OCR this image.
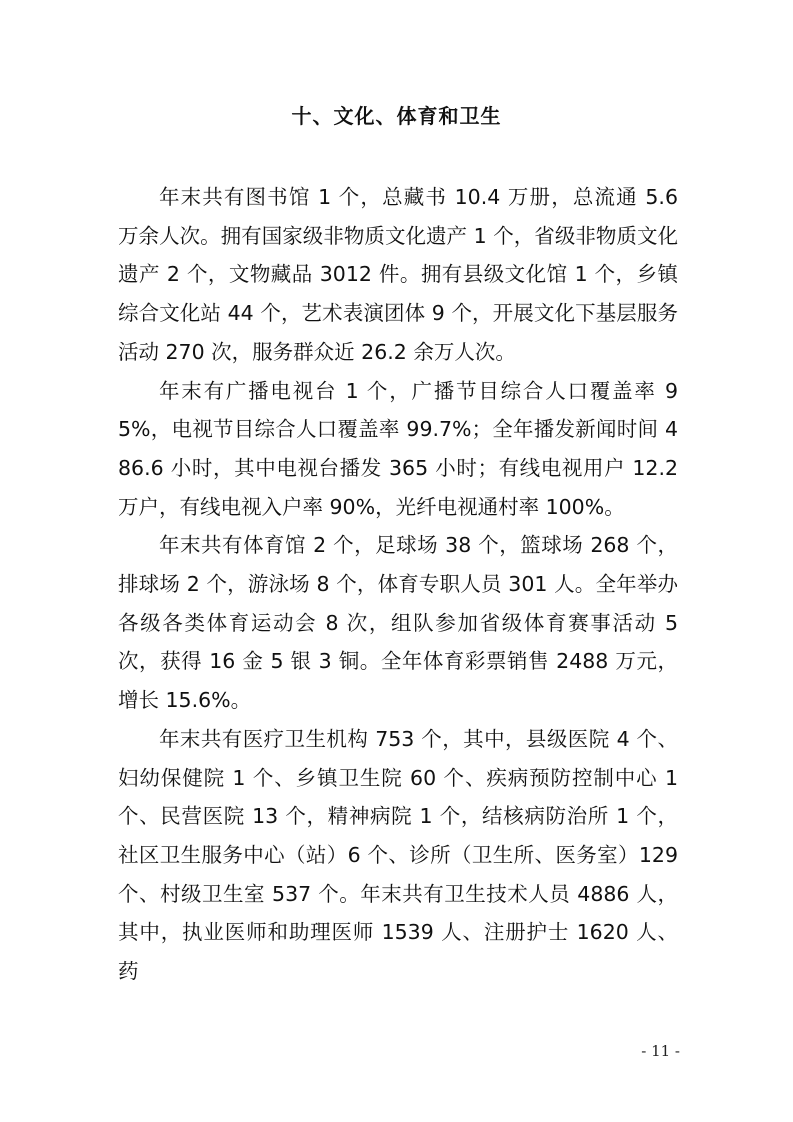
十、文化、体育和卫生

年末共有图书馆 1 个，总藏书 10.4 万册，总流通 5.6 万余人次。拥有国家级非物质文化遗产 1 个，省级非物质文化遗产 2 个，文物藏品 3012 件。拥有县级文化馆 1 个，乡镇综合文化站 44 个，艺术表演团体 9 个，开展文化下基层服务活动 270 次，服务群众近 26.2 余万人次。

年末有广播电视台 1 个，广播节目综合人口覆盖率 95%，电视节目综合人口覆盖率 99.7%；全年播发新闻时间 486.6 小时，其中电视台播发 365 小时；有线电视用户 12.2 万户，有线电视入户率 90%，光纤电视通村率 100%。

年末共有体育馆 2 个，足球场 38 个，篮球场 268 个，排球场 2 个，游泳场 8 个，体育专职人员 301 人。全年举办各级各类体育运动会 8 次，组队参加省级体育赛事活动 5 次，获得 16 金 5 银 3 铜。全年体育彩票销售 2488 万元，增长 15.6%。

年末共有医疗卫生机构 753 个，其中，县级医院 4 个、妇幼保健院 1 个、乡镇卫生院 60 个、疾病预防控制中心 1 个、民营医院 13 个，精神病院 1 个，结核病防治所 1 个，社区卫生服务中心（站）6 个、诊所（卫生所、医务室）129 个、村级卫生室 537 个。年末共有卫生技术人员 4886 人，其中，执业医师和助理医师 1539 人、注册护士 1620 人、药

- 11 -
